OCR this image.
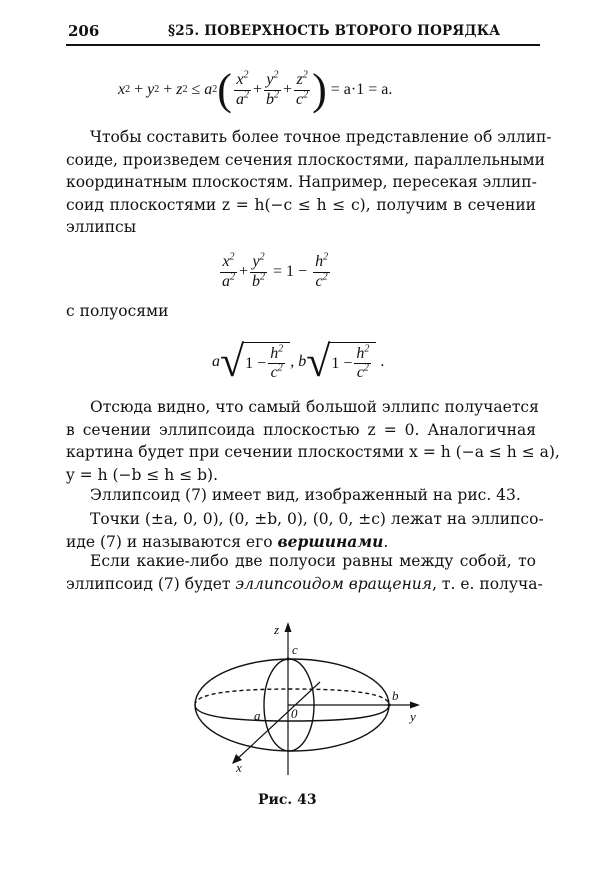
206	§25. ПОВЕРХНОСТЬ ВТОРОГО ПОРЯДКА
x 2
+
y 2
+
z 2
≤
a 2 ( $\frac{x^2}{a^2} + \frac{y^2}{b^2} + \frac{z^2}{c^2}$ )
= a·1 = a.
Чтобы составить более точное представление об эллип-
соиде, произведем сечения плоскостями, параллельными
координатным плоскостям. Например, пересекая эллип-
соид плоскостями z = h(−c ≤ h ≤ c), получим в сечении
эллипсы
$\frac{x^2}{a^2} + \frac{y^2}{b^2}$
= 1 −
$\frac{h^2}{c^2}$
с полуосями
a √ $1 - \frac{h^2}{c^2}$ ,
b √ $1 - \frac{h^2}{c^2}$
.
Отсюда видно, что самый большой эллипс получается
в сечении эллипсоида плоскостью z = 0. Аналогичная
картина будет при сечении плоскостями x = h (−a ≤ h ≤ a),
y = h (−b ≤ h ≤ b).
Эллипсоид (7) имеет вид, изображенный на рис. 43.
Точки (±a, 0, 0), (0, ±b, 0), (0, 0, ±c) лежат на эллипсо-
иде (7) и называются его вершинами.
Если какие-либо две полуоси равны между собой, то
эллипсоид (7) будет эллипсоидом вращения, т. е. получа-
z
c
b
y
a 0
x
Рис. 43
